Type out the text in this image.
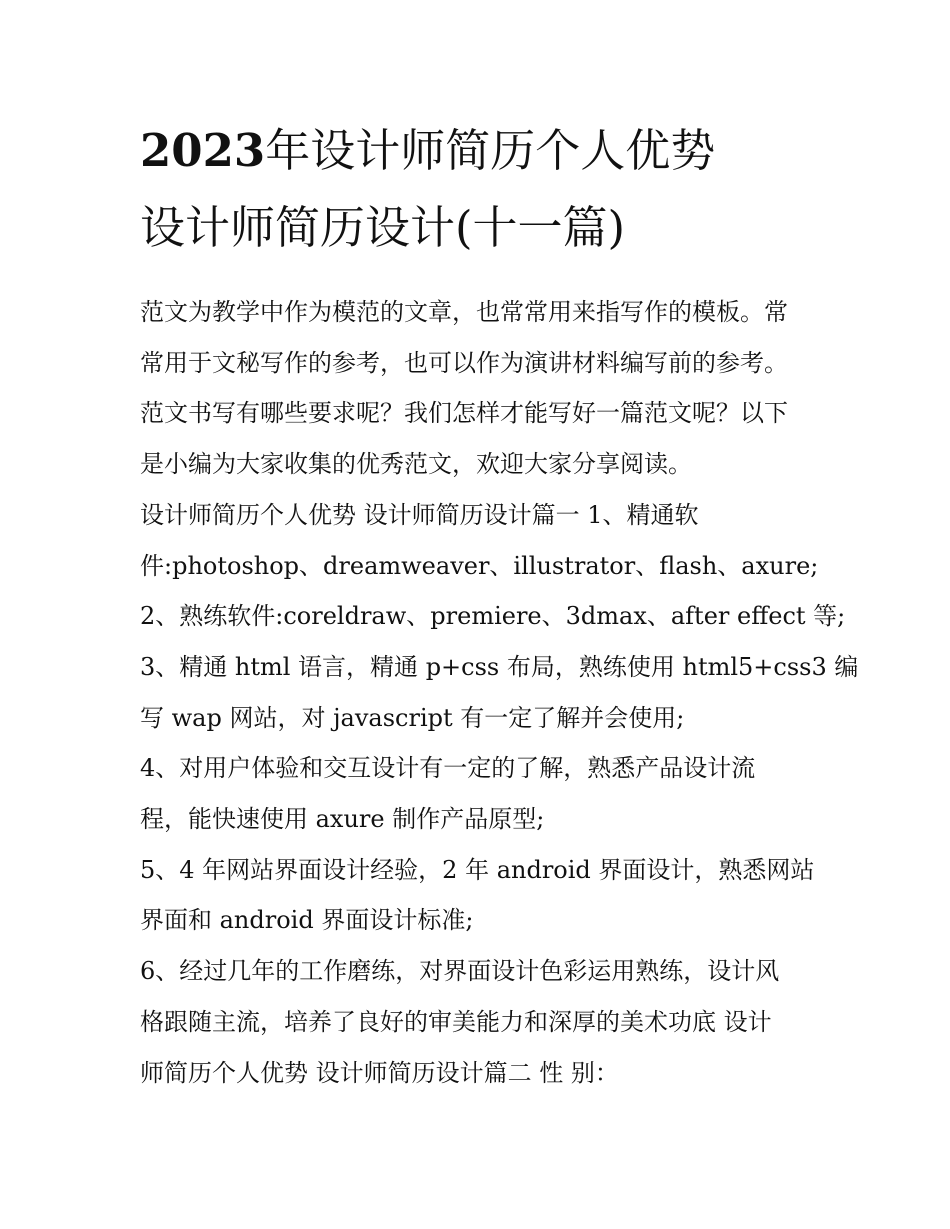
2023年设计师简历个人优势

设计师简历设计(十一篇)

范文为教学中作为模范的文章，也常常用来指写作的模板。常

常用于文秘写作的参考，也可以作为演讲材料编写前的参考。

范文书写有哪些要求呢？我们怎样才能写好一篇范文呢？以下

是小编为大家收集的优秀范文，欢迎大家分享阅读。

设计师简历个人优势 设计师简历设计篇一 1、精通软

件:photoshop、dreamweaver、illustrator、flash、axure;

2、熟练软件:coreldraw、premiere、3dmax、after effect 等;

3、精通 html 语言，精通 p+css 布局，熟练使用 html5+css3 编

写 wap 网站，对 javascript 有一定了解并会使用;

4、对用户体验和交互设计有一定的了解，熟悉产品设计流

程，能快速使用 axure 制作产品原型;

5、4 年网站界面设计经验，2 年 android 界面设计，熟悉网站

界面和 android 界面设计标准;

6、经过几年的工作磨练，对界面设计色彩运用熟练，设计风

格跟随主流，培养了良好的审美能力和深厚的美术功底 设计

师简历个人优势 设计师简历设计篇二 性 别：
